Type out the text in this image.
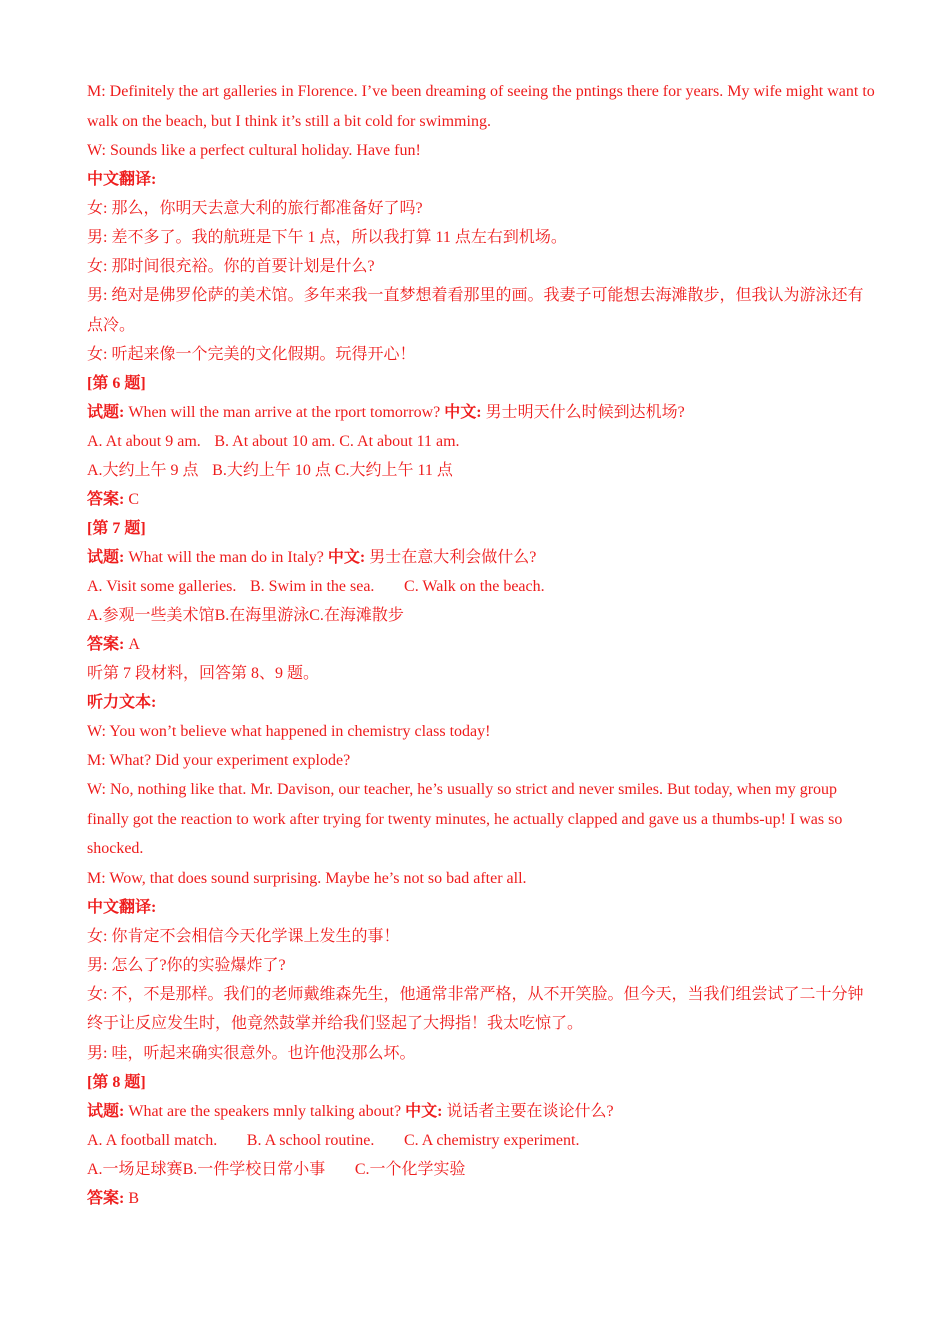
M: Definitely the art galleries in Florence. I’ve been dreaming of seeing the pntings there for years. My wife might want to walk on the beach, but I think it’s still a bit cold for swimming.
W: Sounds like a perfect cultural holiday. Have fun!
中文翻译:
女: 那么，你明天去意大利的旅行都准备好了吗?
男: 差不多了。我的航班是下午 1 点，所以我打算 11 点左右到机场。
女: 那时间很充裕。你的首要计划是什么?
男: 绝对是佛罗伦萨的美术馆。多年来我一直梦想着看那里的画。我妻子可能想去海滩散步，但我认为游泳还有点冷。
女: 听起来像一个完美的文化假期。玩得开心！
[第 6 题]
试题: When will the man arrive at the rport tomorrow? 中文: 男士明天什么时候到达机场?
A. At about 9 am. B. At about 10 am. C. At about 11 am.
A.大约上午 9 点 B.大约上午 10 点 C.大约上午 11 点
答案: C
[第 7 题]
试题: What will the man do in Italy? 中文: 男士在意大利会做什么?
A. Visit some galleries. B. Swim in the sea. C. Walk on the beach.
A.参观一些美术馆B.在海里游泳C.在海滩散步
答案: A
听第 7 段材料，回答第 8、9 题。
听力文本:
W: You won’t believe what happened in chemistry class today!
M: What? Did your experiment explode?
W: No, nothing like that. Mr. Davison, our teacher, he’s usually so strict and never smiles. But today, when my group finally got the reaction to work after trying for twenty minutes, he actually clapped and gave us a thumbs-up! I was so shocked.
M: Wow, that does sound surprising. Maybe he’s not so bad after all.
中文翻译:
女: 你肯定不会相信今天化学课上发生的事！
男: 怎么了?你的实验爆炸了?
女: 不，不是那样。我们的老师戴维森先生，他通常非常严格，从不开笑脸。但今天，当我们组尝试了二十分钟终于让反应发生时，他竟然鼓掌并给我们竖起了大拇指！我太吃惊了。
男: 哇，听起来确实很意外。也许他没那么坏。
[第 8 题]
试题: What are the speakers mnly talking about? 中文: 说话者主要在谈论什么?
A. A football match. B. A school routine. C. A chemistry experiment.
A.一场足球赛B.一件学校日常小事 C.一个化学实验
答案: B
